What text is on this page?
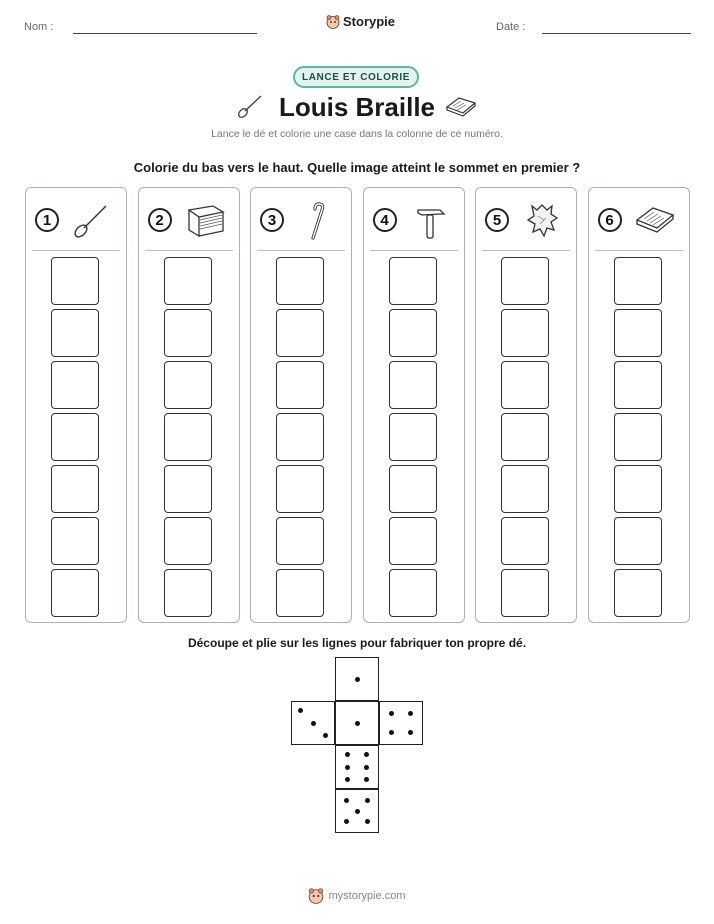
Nom :	Storypie	Date :
LANCE ET COLORIE
Louis Braille
Lance le dé et colorie une case dans la colonne de ce numéro.
Colorie du bas vers le haut. Quelle image atteint le sommet en premier ?
1	2	3	4	5	6
Découpe et plie sur les lignes pour fabriquer ton propre dé.
mystorypie.com
